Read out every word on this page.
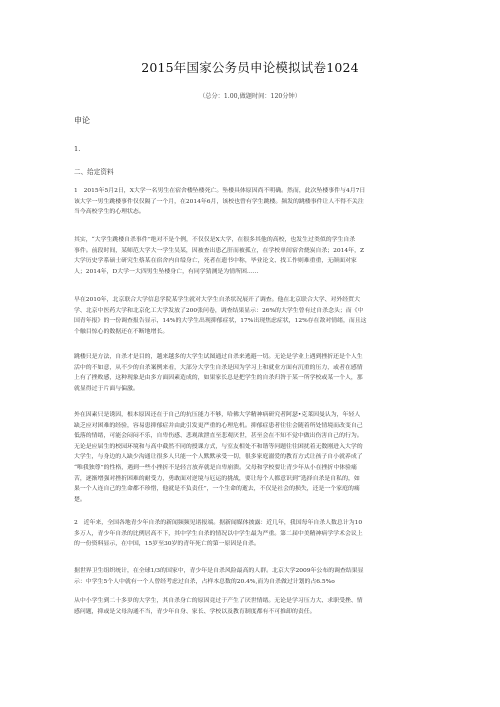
2015年国家公务员申论模拟试卷1024
（总分：1.00,做题时间：120分钟）
申论
1.
二、给定资料
1　2015年5月2日，X大学一名男生在宿舍楼坠楼死亡。坠楼具体原因尚不明确。然而，此次坠楼事件与4月7日
该大学一男生跳楼事件仅仅隔了一个月，在2014年6月，该校也曾有学生跳楼。频发的跳楼事件让人不得不关注
当今高校学生的心理状态。
其实，“大学生跳楼自杀事件”绝对不是个例，不仅仅是X大学，在很多其他的高校，也发生过类似的学生自杀
事件。前段时间，某师范大学大一学生吴某，因被查出患乙肝而被孤立，在学校单间宿舍烧炭自杀；2014年，Z
大学历史学系硕士研究生蔡某在宿舍内自缢身亡，死者在遗书中称，毕业论文、找工作则难重重，无颜面对家
人；2014年，D大学一大四男生坠楼身亡，有同学猜测是为情所困……
早在2010年，北京联合大学信息学院某学生就对大学生自杀状况展开了调查。他在北京联合大学、对外经贸大
学、北京中医药大学和北京化工大学发放了200张问卷，调查结果显示：26%的大学生曾有过自杀念头；而《中
国青年报》的一份调查报告显示，14%的大学生出现抑郁症状，17%出现焦虑症状，12%存在敌对情绪，而且这
个触目惊心的数据还在不断地增长。
跳楼只是方法，自杀才是目的，越来越多的大学生试图通过自杀来逃避一切。无论是学业上遇到挫折还是个人生
活中的不如意，从不少的自杀案例来看，大部分大学生自杀是因为学习上和就业方面有沉重的压力，或者在感情
上有了挫败感，这种现象是由多方面因素造成的，如果家长总是把学生的自杀归咎于某一所学校或某一个人，那
就显得过于片面与偏激。
外在因素只是诱因，根本原因还在于自己的抗压能力不够，哈佛大学精神病研究者阿瑟•克莱因曼认为，年轻人
缺乏应对困难的经验，容易患抑郁症并由此引发更严重的心理危机。抑郁症患者往往会随着所处情境而改变自己
低落的情绪，可能会闷闷不乐，自卑伤感、悲观欲泄直至悲观厌世，甚至会在不知不觉中做出伤害自己的行为。
无论是应届生的校园环境和与高中截然不同的授课方式，与室友相处不和谐等问题往往困扰着无数刚进入大学的
大学生，与身边的人缺少沟通让很多人只能一个人默默承受一切，很多家庭溺爱的教育方式让孩子自小就养成了
“唯我独尊”的性格，遇到一些小挫折不是轻言放弃就是自卑崩溃。父母和学校要让青少年从小在挫折中体验痛
苦，逐渐增强对挫折困难的耐受力，勇敢面对逆境与厄运的挑战，要让每个人都意识到“选择自杀是自私的，如
果一个人连自己的生命都不珍惜，他就是不负责任”，一个生命的逝去，不仅是社会的损失，还是一个家庭的痛
楚。
2　近年来，全国各地青少年自杀的新闻频频见诸报端。据新闻媒体披露：近几年，我国每年自杀人数总计为10
多万人，青少年自杀的比例居高不下，其中学生自杀的情况以中学生最为严重。第二届中美精神病学学术会议上
的一份资料显示，在中国，15岁至30岁的青年死亡的第一原因是自杀。
据世界卫生组织统计，在全球1/3的国家中，青少年是自杀风险最高的人群。北京大学2009年公布的调查结果显
示：中学生5个人中就有一个人曾经考虑过自杀，占样本总数的20.4%,而为自杀做过计划的占6.5%o
从中小学生到二十多岁的大学生，其自杀身亡的原因竟过于产生了厌世情绪。无论是学习压力大、求职受挫、情
感问题，抑或是父母沟通不当，青少年自身、家长、学校以及教育制度都有不可推卸的责任。
